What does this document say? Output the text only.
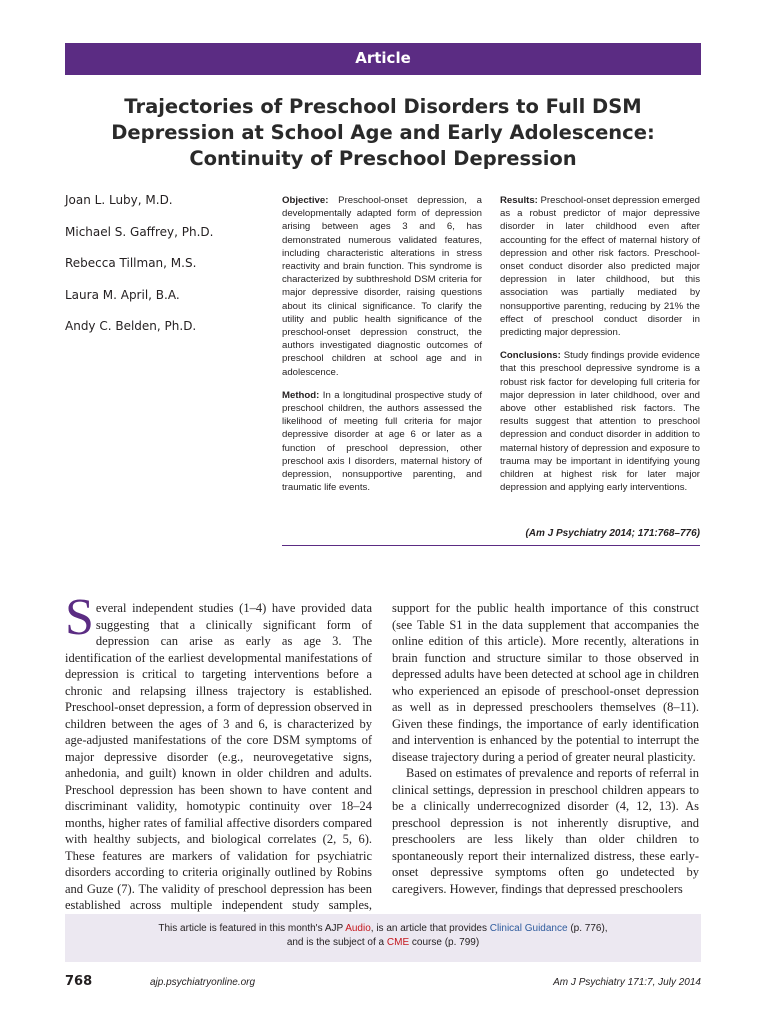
Article
Trajectories of Preschool Disorders to Full DSM Depression at School Age and Early Adolescence: Continuity of Preschool Depression
Joan L. Luby, M.D.
Michael S. Gaffrey, Ph.D.
Rebecca Tillman, M.S.
Laura M. April, B.A.
Andy C. Belden, Ph.D.

Objective: Preschool-onset depression, a developmentally adapted form of depression arising between ages 3 and 6, has demonstrated numerous validated features, including characteristic alterations in stress reactivity and brain function. This syndrome is characterized by subthreshold DSM criteria for major depressive disorder, raising questions about its clinical significance. To clarify the utility and public health significance of the preschool-onset depression construct, the authors investigated diagnostic outcomes of preschool children at school age and in adolescence.

Method: In a longitudinal prospective study of preschool children, the authors assessed the likelihood of meeting full criteria for major depressive disorder at age 6 or later as a function of preschool depression, other preschool axis I disorders, maternal history of depression, nonsupportive parenting, and traumatic life events.

Results: Preschool-onset depression emerged as a robust predictor of major depressive disorder in later childhood even after accounting for the effect of maternal history of depression and other risk factors. Preschool-onset conduct disorder also predicted major depression in later childhood, but this association was partially mediated by nonsupportive parenting, reducing by 21% the effect of preschool conduct disorder in predicting major depression.

Conclusions: Study findings provide evidence that this preschool depressive syndrome is a robust risk factor for developing full criteria for major depression in later childhood, over and above other established risk factors. The results suggest that attention to preschool depression and conduct disorder in addition to maternal history of depression and exposure to trauma may be important in identifying young children at highest risk for later major depression and applying early interventions.

(Am J Psychiatry 2014; 171:768–776)

Several independent studies (1–4) have provided data suggesting that a clinically significant form of depression can arise as early as age 3. The identification of the earliest developmental manifestations of depression is critical to targeting interventions before a chronic and relapsing illness trajectory is established. Preschool-onset depression, a form of depression observed in children between the ages of 3 and 6, is characterized by age-adjusted manifestations of the core DSM symptoms of major depressive disorder (e.g., neurovegetative signs, anhedonia, and guilt) known in older children and adults. Preschool depression has been shown to have content and discriminant validity, homotypic continuity over 18–24 months, higher rates of familial affective disorders compared with healthy subjects, and biological correlates (2, 5, 6). These features are markers of validation for psychiatric disorders according to criteria originally outlined by Robins and Guze (7). The validity of preschool depression has been established across multiple independent study samples,

support for the public health importance of this construct (see Table S1 in the data supplement that accompanies the online edition of this article). More recently, alterations in brain function and structure similar to those observed in depressed adults have been detected at school age in children who experienced an episode of preschool-onset depression as well as in depressed preschoolers themselves (8–11). Given these findings, the importance of early identification and intervention is enhanced by the potential to interrupt the disease trajectory during a period of greater neural plasticity.

Based on estimates of prevalence and reports of referral in clinical settings, depression in preschool children appears to be a clinically underrecognized disorder (4, 12, 13). As preschool depression is not inherently disruptive, and preschoolers are less likely than older children to spontaneously report their internalized distress, these early-onset depressive symptoms often go undetected by caregivers. However, findings that depressed preschoolers

This article is featured in this month's AJP Audio, is an article that provides Clinical Guidance (p. 776),
and is the subject of a CME course (p. 799)
768	ajp.psychiatryonline.org	Am J Psychiatry 171:7, July 2014
